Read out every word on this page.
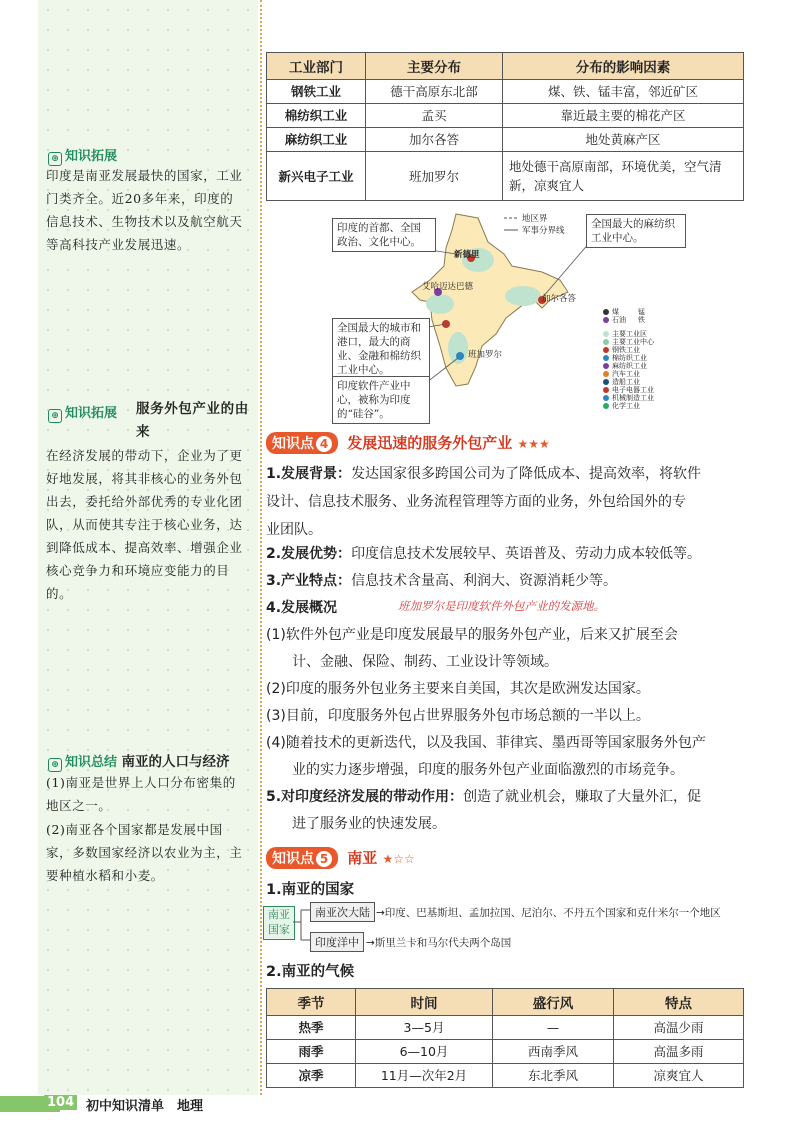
⊕ 知识拓展
印度是南亚发展最快的国家，工业门类齐全。近20多年来，印度的信息技术、生物技术以及航空航天等高科技产业发展迅速。
⊕ 知识拓展 服务外包产业的由来
在经济发展的带动下，企业为了更好地发展，将其非核心的业务外包出去，委托给外部优秀的专业化团队，从而使其专注于核心业务，达到降低成本、提高效率、增强企业核心竞争力和环境应变能力的目的。
⊕ 知识总结 南亚的人口与经济
(1)南亚是世界上人口分布密集的地区之一。
(2)南亚各个国家都是发展中国家，多数国家经济以农业为主，主要种植水稻和小麦。
工业部门	主要分布	分布的影响因素
钢铁工业	德干高原东北部	煤、铁、锰丰富，邻近矿区
棉纺织工业	孟买	靠近最主要的棉花产区
麻纺织工业	加尔各答	地处黄麻产区
新兴电子工业	班加罗尔	地处德干高原南部，环境优美，空气清新，凉爽宜人
印度的首都、全国政治、文化中心。
全国最大的麻纺织工业中心。
全国最大的城市和港口，最大的商业、金融和棉纺织工业中心。
印度软件产业中心，被称为印度的“硅谷”。
地区界
军事分界线
新德里
艾哈迈达巴德
加尔各答
班加罗尔
煤	锰
石油 铁
主要工业区
主要工业中心
钢铁工业
棉纺织工业
麻纺织工业
汽车工业
造船工业
电子电器工业
机械制造工业
化学工业
知识点 4 发展迅速的服务外包产业 ★★★
1.发展背景：发达国家很多跨国公司为了降低成本、提高效率，将软件
设计、信息技术服务、业务流程管理等方面的业务，外包给国外的专
业团队。
2.发展优势：印度信息技术发展较早、英语普及、劳动力成本较低等。
3.产业特点：信息技术含量高、利润大、资源消耗少等。
4.发展概况	班加罗尔是印度软件外包产业的发源地。
(1)软件外包产业是印度发展最早的服务外包产业，后来又扩展至会
计、金融、保险、制药、工业设计等领域。
(2)印度的服务外包业务主要来自美国，其次是欧洲发达国家。
(3)目前，印度服务外包占世界服务外包市场总额的一半以上。
(4)随着技术的更新迭代，以及我国、菲律宾、墨西哥等国家服务外包产
业的实力逐步增强，印度的服务外包产业面临激烈的市场竞争。
5.对印度经济发展的带动作用：创造了就业机会，赚取了大量外汇，促
进了服务业的快速发展。
知识点 5 南亚 ★☆☆
1.南亚的国家
南亚国家
南亚次大陆 →印度、巴基斯坦、孟加拉国、尼泊尔、不丹五个国家和克什米尔一个地区
印度洋中 →斯里兰卡和马尔代夫两个岛国
2.南亚的气候
季节	时间	盛行风	特点
热季	3—5月	—	高温少雨
雨季	6—10月	西南季风	高温多雨
凉季	11月—次年2月	东北季风	凉爽宜人
104 初中知识清单　地理
